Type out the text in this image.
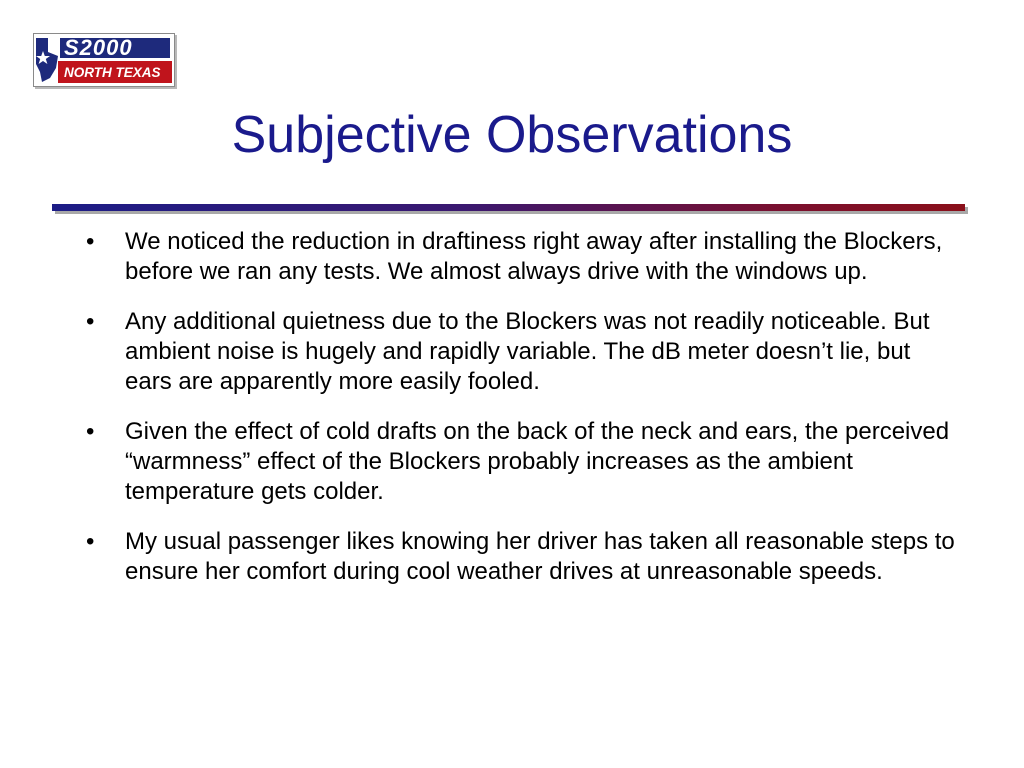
S2000
NORTH TEXAS
Subjective Observations
•	We noticed the reduction in draftiness right away after installing the Blockers, before we ran any tests. We almost always drive with the windows up.
•	Any additional quietness due to the Blockers was not readily noticeable. But ambient noise is hugely and rapidly variable. The dB meter doesn’t lie, but ears are apparently more easily fooled.
•	Given the effect of cold drafts on the back of the neck and ears, the perceived “warmness” effect of the Blockers probably increases as the ambient temperature gets colder.
•	My usual passenger likes knowing her driver has taken all reasonable steps to ensure her comfort during cool weather drives at unreasonable speeds.
